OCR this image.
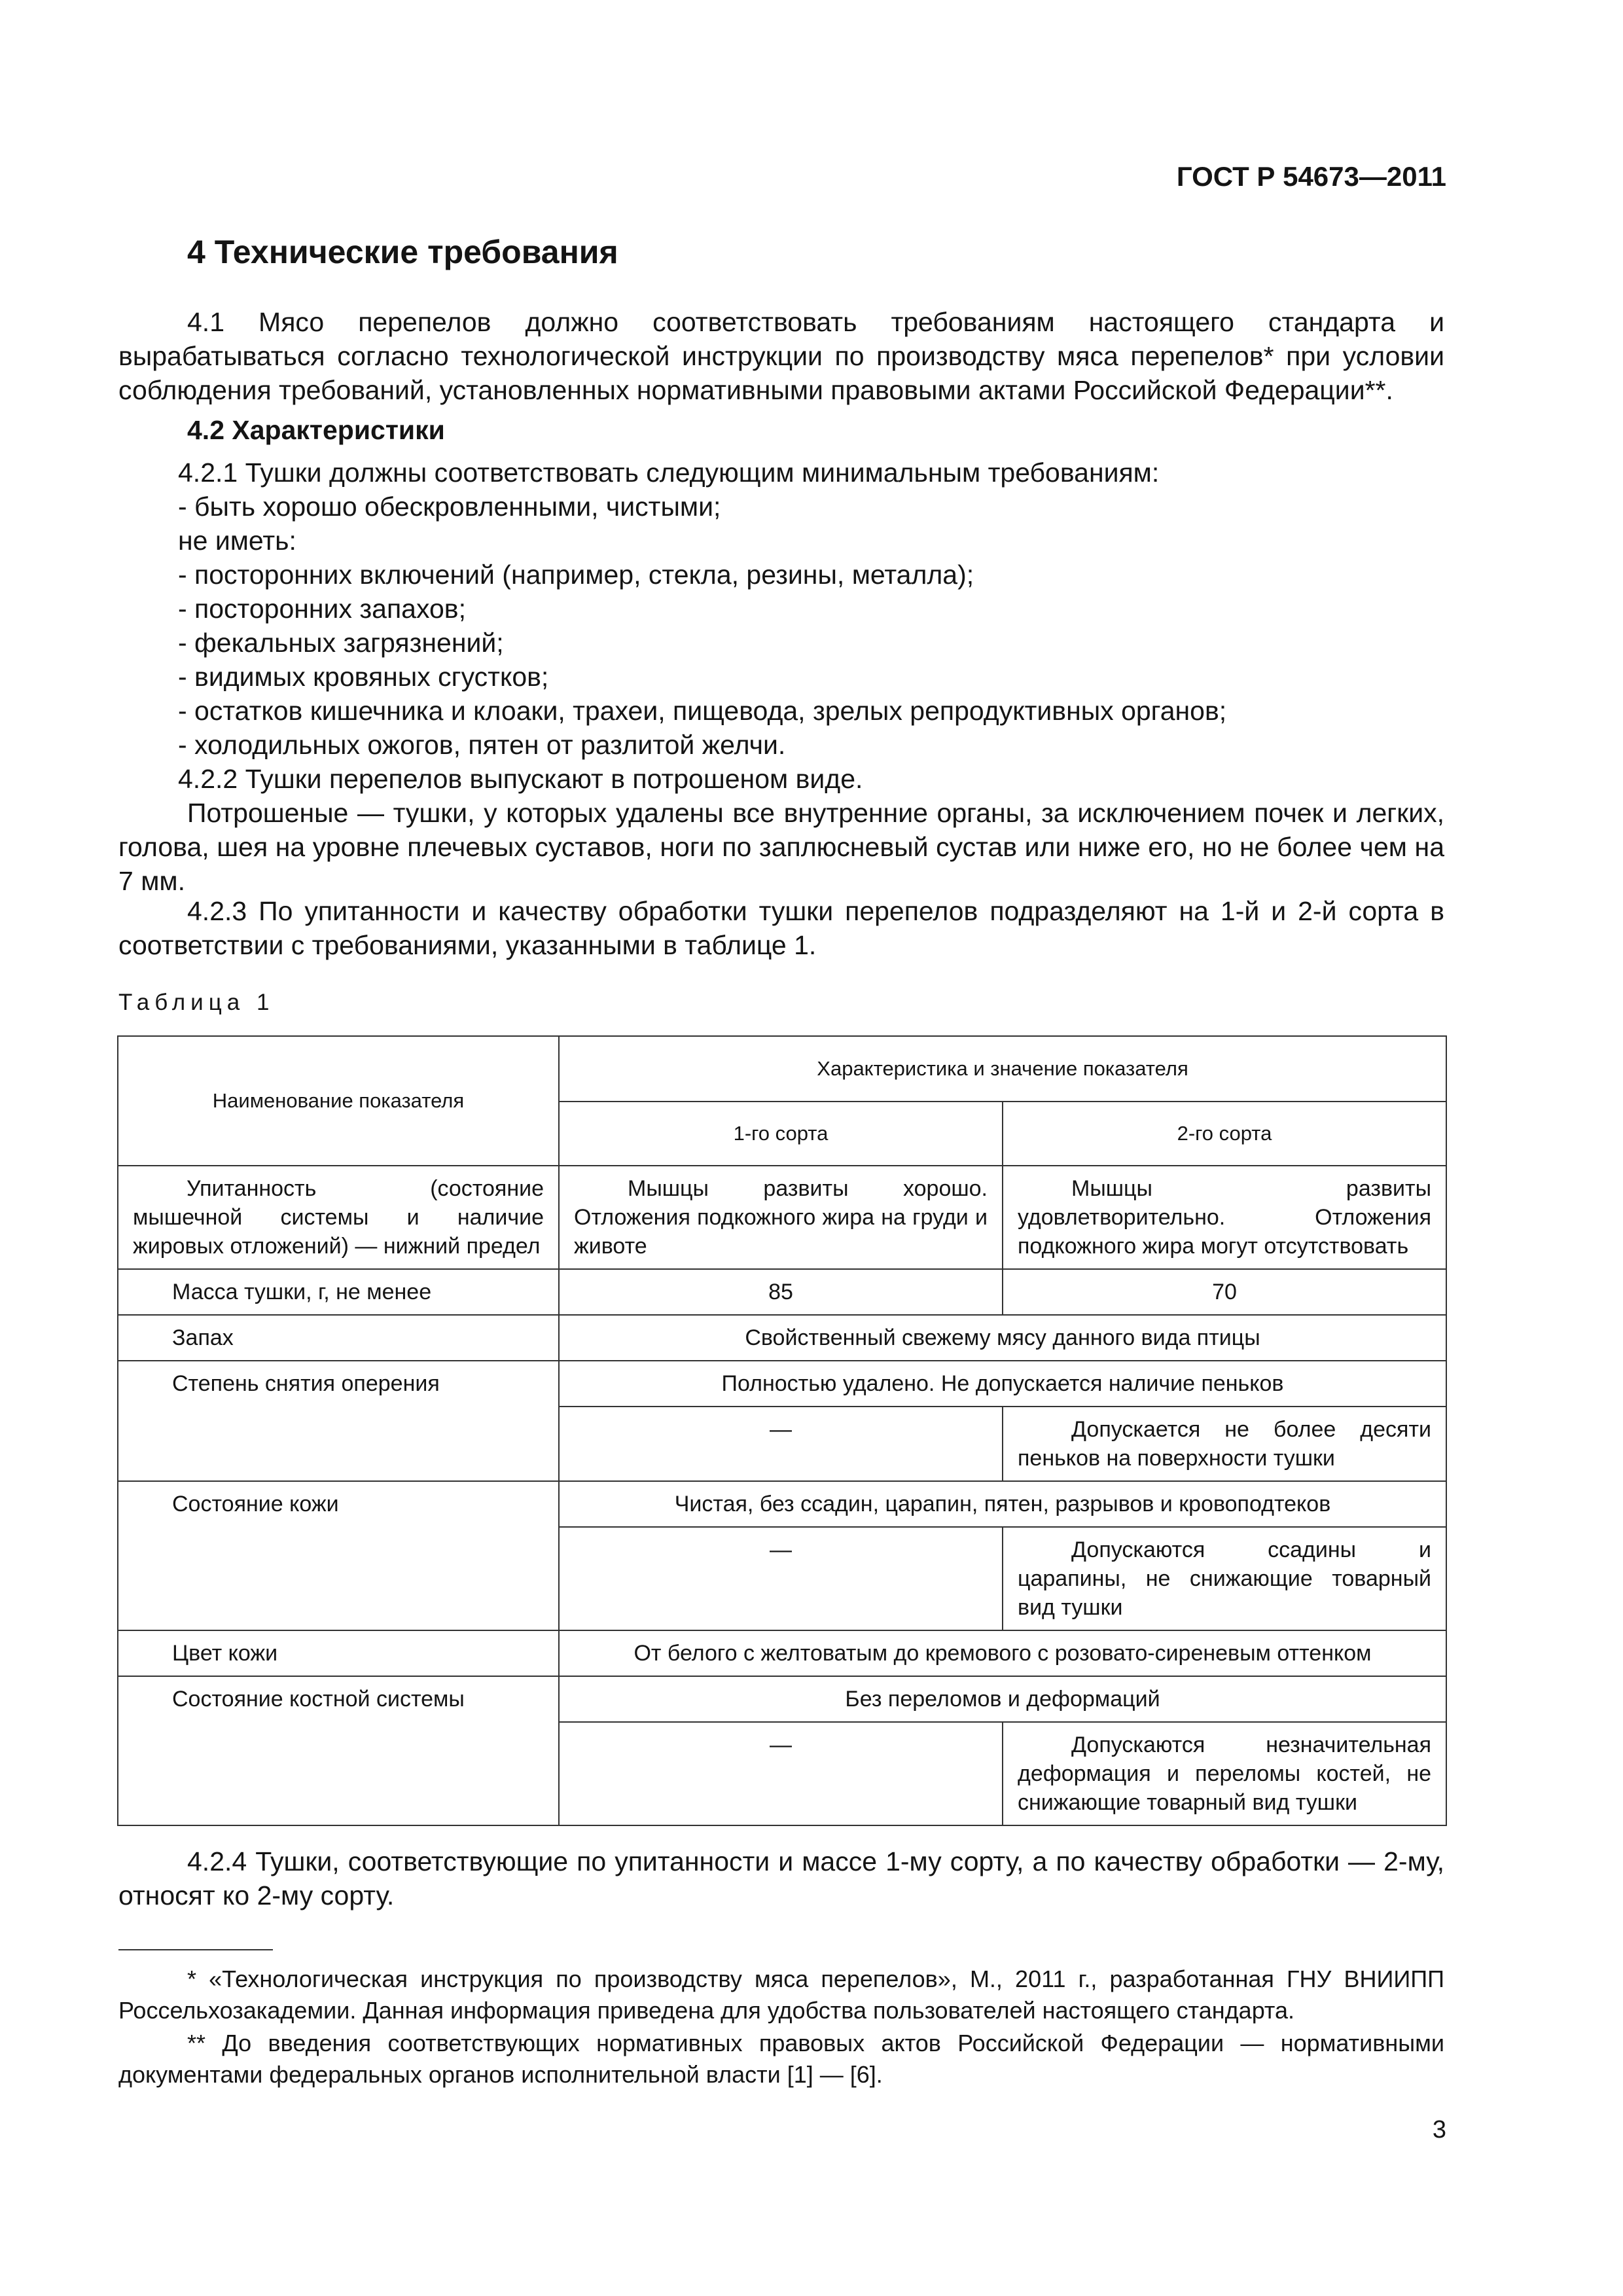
ГОСТ Р 54673—2011
4 Технические требования
4.1 Мясо перепелов должно соответствовать требованиям настоящего стандарта и вырабатываться согласно технологической инструкции по производству мяса перепелов* при условии соблюдения требований, установленных нормативными правовыми актами Российской Федерации**.
4.2 Характеристики
4.2.1 Тушки должны соответствовать следующим минимальным требованиям:
- быть хорошо обескровленными, чистыми;
не иметь:
- посторонних включений (например, стекла, резины, металла);
- посторонних запахов;
- фекальных загрязнений;
- видимых кровяных сгустков;
- остатков кишечника и клоаки, трахеи, пищевода, зрелых репродуктивных органов;
- холодильных ожогов, пятен от разлитой желчи.
4.2.2 Тушки перепелов выпускают в потрошеном виде.
Потрошеные — тушки, у которых удалены все внутренние органы, за исключением почек и легких, голова, шея на уровне плечевых суставов, ноги по заплюсневый сустав или ниже его, но не более чем на 7 мм.
4.2.3 По упитанности и качеству обработки тушки перепелов подразделяют на 1-й и 2-й сорта в соответствии с требованиями, указанными в таблице 1.
Таблица 1
Наименование показателя	Характеристика и значение показателя	
	1-го сорта	2-го сорта
Упитанность (состояние мышечной системы и наличие жировых отложений) — нижний предел	Мышцы развиты хорошо. Отложения подкожного жира на груди и животе	Мышцы развиты удовлетворительно. Отложения подкожного жира могут отсутствовать
Масса тушки, г, не менее	85	70
Запах	Свойственный свежему мясу данного вида птицы	
Степень снятия оперения	Полностью удалено. Не допускается наличие пеньков	
	—	Допускается не более десяти пеньков на поверхности тушки
Состояние кожи	Чистая, без ссадин, царапин, пятен, разрывов и кровоподтеков	
	—	Допускаются ссадины и царапины, не снижающие товарный вид тушки
Цвет кожи	От белого с желтоватым до кремового с розовато-сиреневым оттенком	
Состояние костной системы	Без переломов и деформаций	
	—	Допускаются незначительная деформация и переломы костей, не снижающие товарный вид тушки
4.2.4 Тушки, соответствующие по упитанности и массе 1-му сорту, а по качеству обработки — 2-му, относят ко 2-му сорту.
* «Технологическая инструкция по производству мяса перепелов», М., 2011 г., разработанная ГНУ ВНИИПП Россельхозакадемии. Данная информация приведена для удобства пользователей настоящего стандарта.
** До введения соответствующих нормативных правовых актов Российской Федерации — нормативными документами федеральных органов исполнительной власти [1] — [6].
3
